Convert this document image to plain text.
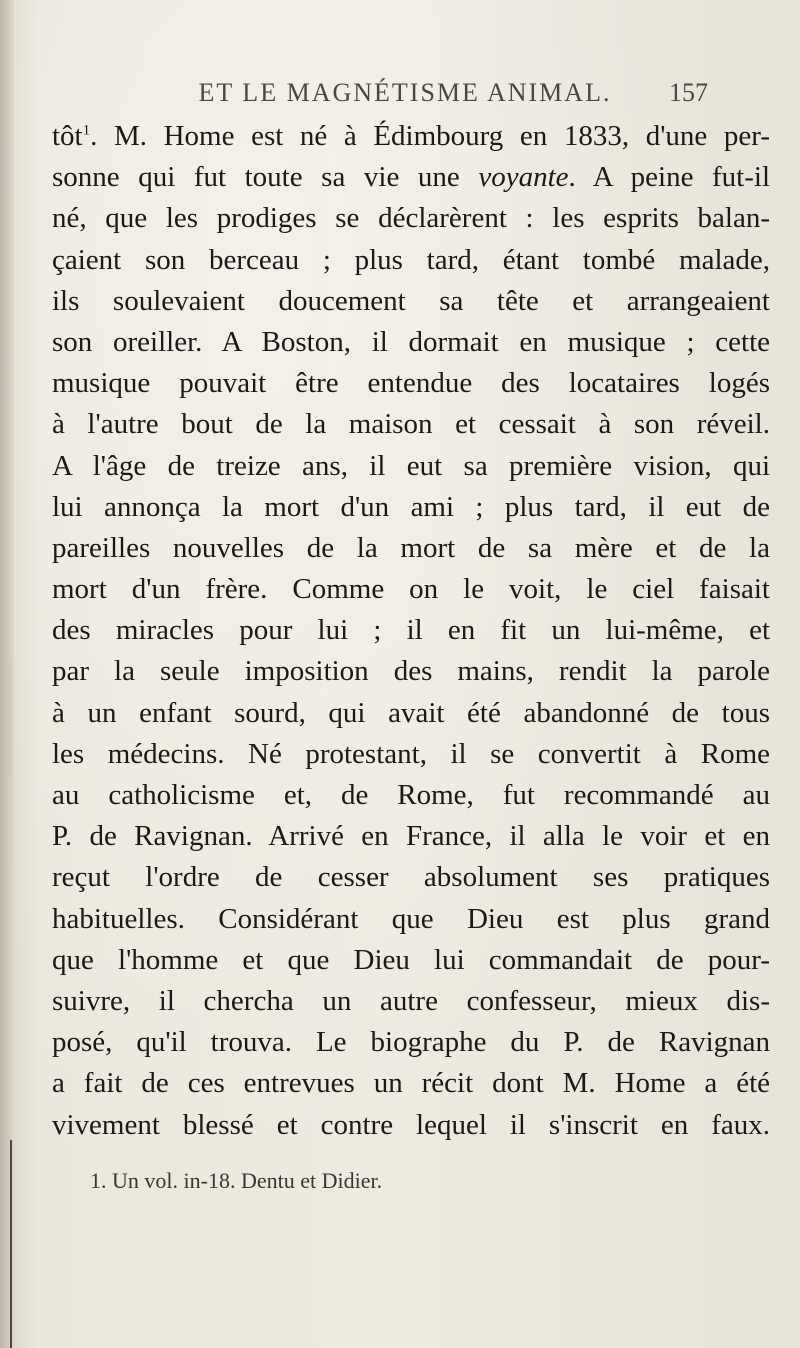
ET LE MAGNÉTISME ANIMAL.	157
tôt$^1$. M. Home est né à Édimbourg en 1833, d'une per-
sonne qui fut toute sa vie une voyante. A peine fut-il
né, que les prodiges se déclarèrent : les esprits balan-
çaient son berceau ; plus tard, étant tombé malade,
ils soulevaient doucement sa tête et arrangeaient
son oreiller. A Boston, il dormait en musique ; cette
musique pouvait être entendue des locataires logés
à l'autre bout de la maison et cessait à son réveil.
A l'âge de treize ans, il eut sa première vision, qui
lui annonça la mort d'un ami ; plus tard, il eut de
pareilles nouvelles de la mort de sa mère et de la
mort d'un frère. Comme on le voit, le ciel faisait
des miracles pour lui ; il en fit un lui-même, et
par la seule imposition des mains, rendit la parole
à un enfant sourd, qui avait été abandonné de tous
les médecins. Né protestant, il se convertit à Rome
au catholicisme et, de Rome, fut recommandé au
P. de Ravignan. Arrivé en France, il alla le voir et en
reçut l'ordre de cesser absolument ses pratiques
habituelles. Considérant que Dieu est plus grand
que l'homme et que Dieu lui commandait de pour-
suivre, il chercha un autre confesseur, mieux dis-
posé, qu'il trouva. Le biographe du P. de Ravignan
a fait de ces entrevues un récit dont M. Home a été
vivement blessé et contre lequel il s'inscrit en faux.
1. Un vol. in-18. Dentu et Didier.
